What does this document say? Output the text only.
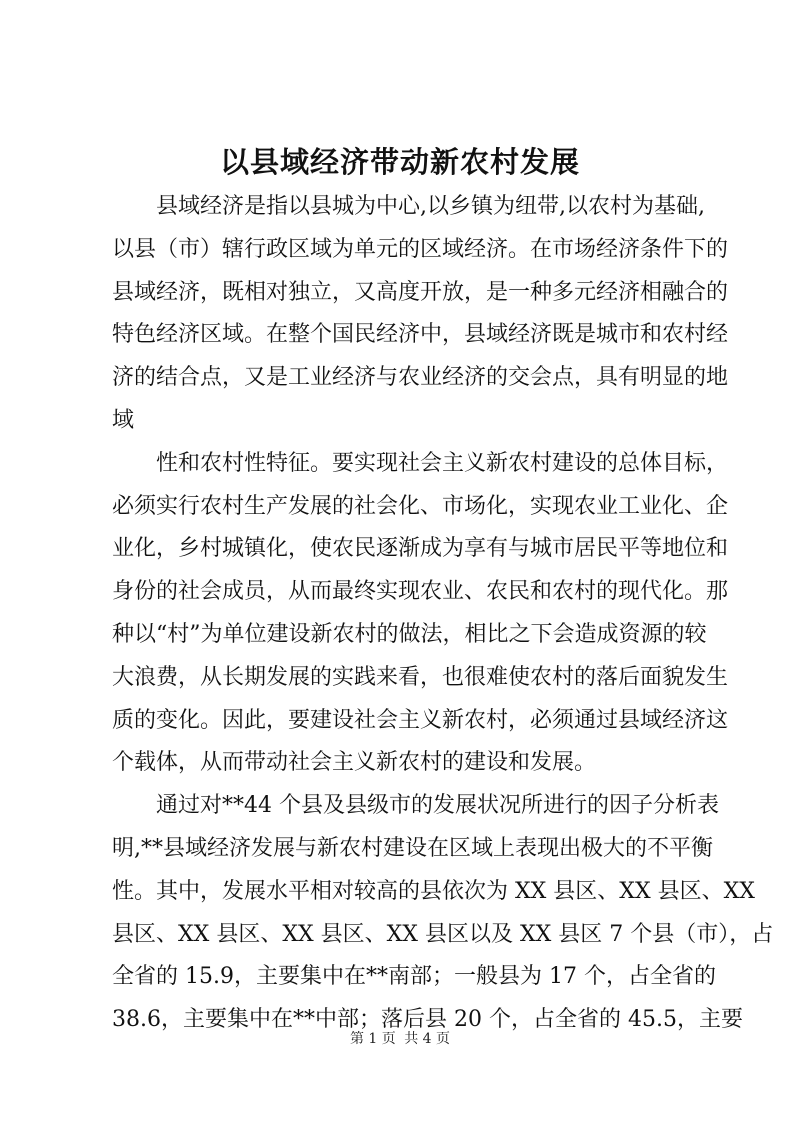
以县域经济带动新农村发展
县域经济是指以县城为中心,以乡镇为纽带,以农村为基础,
以县（市）辖行政区域为单元的区域经济。在市场经济条件下的
县域经济，既相对独立，又高度开放，是一种多元经济相融合的
特色经济区域。在整个国民经济中，县域经济既是城市和农村经
济的结合点，又是工业经济与农业经济的交会点，具有明显的地
域
性和农村性特征。要实现社会主义新农村建设的总体目标，
必须实行农村生产发展的社会化、市场化，实现农业工业化、企
业化，乡村城镇化，使农民逐渐成为享有与城市居民平等地位和
身份的社会成员，从而最终实现农业、农民和农村的现代化。那
种以“村”为单位建设新农村的做法，相比之下会造成资源的较
大浪费，从长期发展的实践来看，也很难使农村的落后面貌发生
质的变化。因此，要建设社会主义新农村，必须通过县域经济这
个载体，从而带动社会主义新农村的建设和发展。
通过对**44 个县及县级市的发展状况所进行的因子分析表
明,**县域经济发展与新农村建设在区域上表现出极大的不平衡
性。其中，发展水平相对较高的县依次为 XX 县区、XX 县区、XX
县区、XX 县区、XX 县区、XX 县区以及 XX 县区 7 个县（市），占
全省的 15.9，主要集中在**南部；一般县为 17 个，占全省的
38.6，主要集中在**中部；落后县 20 个，占全省的 45.5，主要
第 1 页 共 4 页
